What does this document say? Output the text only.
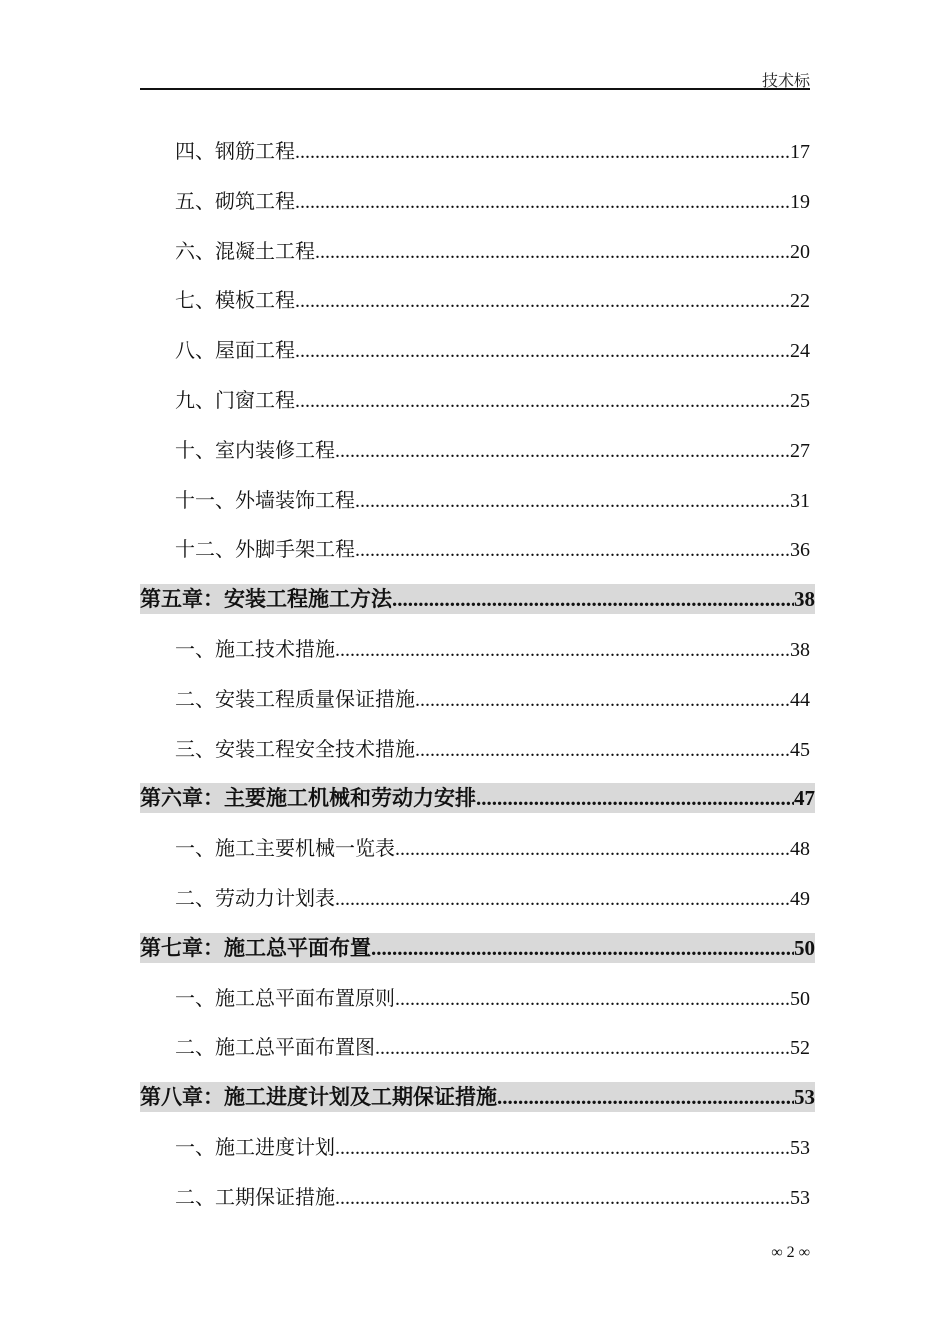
技术标
四、钢筋工程 .....	17
五、砌筑工程 .....	19
六、混凝土工程 .....	20
七、模板工程 .....	22
八、屋面工程 .....	24
九、门窗工程 .....	25
十、室内装修工程 .....	27
十一、外墙装饰工程 .....	31
十二、外脚手架工程 .....	36
第五章：安装工程施工方法 .....	38
一、施工技术措施 .....	38
二、安装工程质量保证措施 .....	44
三、安装工程安全技术措施 .....	45
第六章：主要施工机械和劳动力安排 .....	47
一、施工主要机械一览表 .....	48
二、劳动力计划表 .....	49
第七章：施工总平面布置 .....	50
一、施工总平面布置原则 .....	50
二、施工总平面布置图 .....	52
第八章：施工进度计划及工期保证措施 .....	53
一、施工进度计划 .....	53
二、工期保证措施 .....	53
∞ 2 ∞
